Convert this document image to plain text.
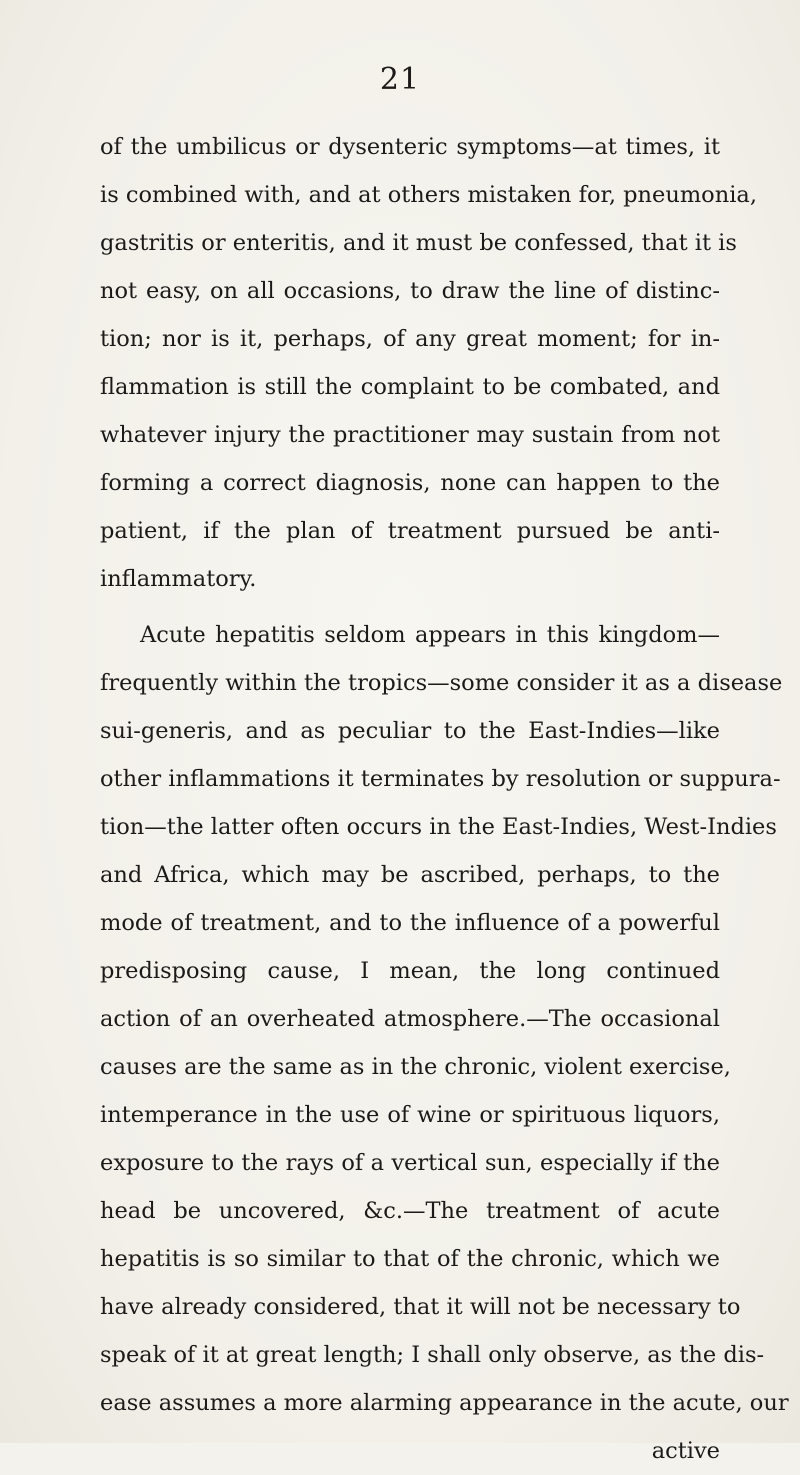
21
of the umbilicus or dysenteric symptoms—at times, it
is combined with, and at others mistaken for, pneumonia,
gastritis or enteritis, and it must be confessed, that it is
not easy, on all occasions, to draw the line of distinc-
tion; nor is it, perhaps, of any great moment; for in-
flammation is still the complaint to be combated, and
whatever injury the practitioner may sustain from not
forming a correct diagnosis, none can happen to the
patient, if the plan of treatment pursued be anti-
inflammatory.
Acute hepatitis seldom appears in this kingdom—
frequently within the tropics—some consider it as a disease
sui-generis, and as peculiar to the East-Indies—like
other inflammations it terminates by resolution or suppura-
tion—the latter often occurs in the East-Indies, West-Indies
and Africa, which may be ascribed, perhaps, to the
mode of treatment, and to the influence of a powerful
predisposing cause, I mean, the long continued
action of an overheated atmosphere.—The occasional
causes are the same as in the chronic, violent exercise,
intemperance in the use of wine or spirituous liquors,
exposure to the rays of a vertical sun, especially if the
head be uncovered, &c.—The treatment of acute
hepatitis is so similar to that of the chronic, which we
have already considered, that it will not be necessary to
speak of it at great length; I shall only observe, as the dis-
ease assumes a more alarming appearance in the acute, our
active
